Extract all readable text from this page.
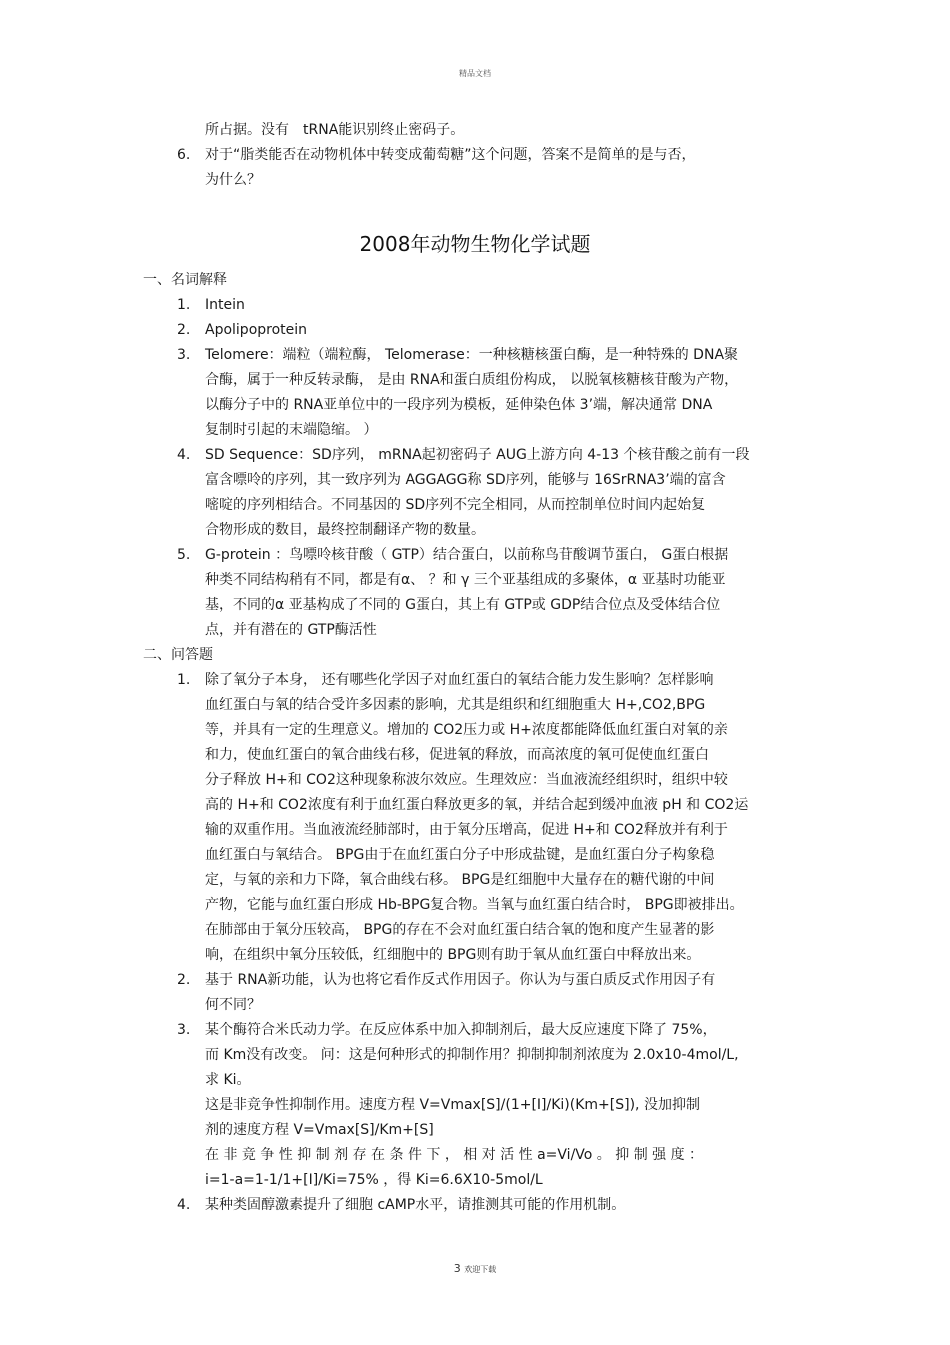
精品文档
所占据。没有　tRNA能识别终止密码子。
6. 对于“脂类能否在动物机体中转变成葡萄糖”这个问题，答案不是简单的是与否，
为什么？
2008年动物生物化学试题
一、名词解释
1. Intein
2. Apolipoprotein
3. Telomere：端粒（端粒酶， Telomerase：一种核糖核蛋白酶，是一种特殊的 DNA聚
合酶，属于一种反转录酶， 是由 RNA和蛋白质组份构成， 以脱氧核糖核苷酸为产物，
以酶分子中的 RNA亚单位中的一段序列为模板，延伸染色体 3’端，解决通常 DNA
复制时引起的末端隐缩。 ）
4. SD Sequence：SD序列， mRNA起初密码子 AUG上游方向 4-13 个核苷酸之前有一段
富含嘌呤的序列，其一致序列为 AGGAGG称 SD序列，能够与 16SrRNA3’端的富含
嘧啶的序列相结合。不同基因的 SD序列不完全相同，从而控制单位时间内起始复
合物形成的数目，最终控制翻译产物的数量。
5. G-protein ：鸟嘌呤核苷酸（ GTP）结合蛋白，以前称鸟苷酸调节蛋白， G蛋白根据
种类不同结构稍有不同，都是有α、 ？和 γ 三个亚基组成的多聚体，α 亚基时功能亚
基，不同的α 亚基构成了不同的 G蛋白，其上有 GTP或 GDP结合位点及受体结合位
点，并有潜在的 GTP酶活性
二、问答题
1. 除了氧分子本身， 还有哪些化学因子对血红蛋白的氧结合能力发生影响？怎样影响
血红蛋白与氧的结合受许多因素的影响，尤其是组织和红细胞重大 H+,CO2,BPG
等，并具有一定的生理意义。增加的 CO2压力或 H+浓度都能降低血红蛋白对氧的亲
和力，使血红蛋白的氧合曲线右移，促进氧的释放，而高浓度的氧可促使血红蛋白
分子释放 H+和 CO2这种现象称波尔效应。生理效应：当血液流经组织时，组织中较
高的 H+和 CO2浓度有利于血红蛋白释放更多的氧，并结合起到缓冲血液 pH 和 CO2运
输的双重作用。当血液流经肺部时，由于氧分压增高，促进 H+和 CO2释放并有利于
血红蛋白与氧结合。 BPG由于在血红蛋白分子中形成盐键，是血红蛋白分子构象稳
定，与氧的亲和力下降，氧合曲线右移。 BPG是红细胞中大量存在的糖代谢的中间
产物，它能与血红蛋白形成 Hb-BPG复合物。当氧与血红蛋白结合时， BPG即被排出。
在肺部由于氧分压较高， BPG的存在不会对血红蛋白结合氧的饱和度产生显著的影
响，在组织中氧分压较低，红细胞中的 BPG则有助于氧从血红蛋白中释放出来。
2. 基于 RNA新功能，认为也将它看作反式作用因子。你认为与蛋白质反式作用因子有
何不同？
3. 某个酶符合米氏动力学。在反应体系中加入抑制剂后，最大反应速度下降了 75%，
而 Km没有改变。 问：这是何种形式的抑制作用？抑制抑制剂浓度为 2.0x10-4mol/L,
求 Ki。
这是非竞争性抑制作用。速度方程 V=Vmax[S]/(1+[I]/Ki)(Km+[S]), 没加抑制
剂的速度方程 V=Vmax[S]/Km+[S]
在 非 竞 争 性 抑 制 剂 存 在 条 件 下 ， 相 对 活 性 a=Vi/Vo 。 抑 制 强 度 ：
i=1-a=1-1/1+[I]/Ki=75% ，得 Ki=6.6X10-5mol/L
4. 某种类固醇激素提升了细胞 cAMP水平，请推测其可能的作用机制。
3 欢迎下载
